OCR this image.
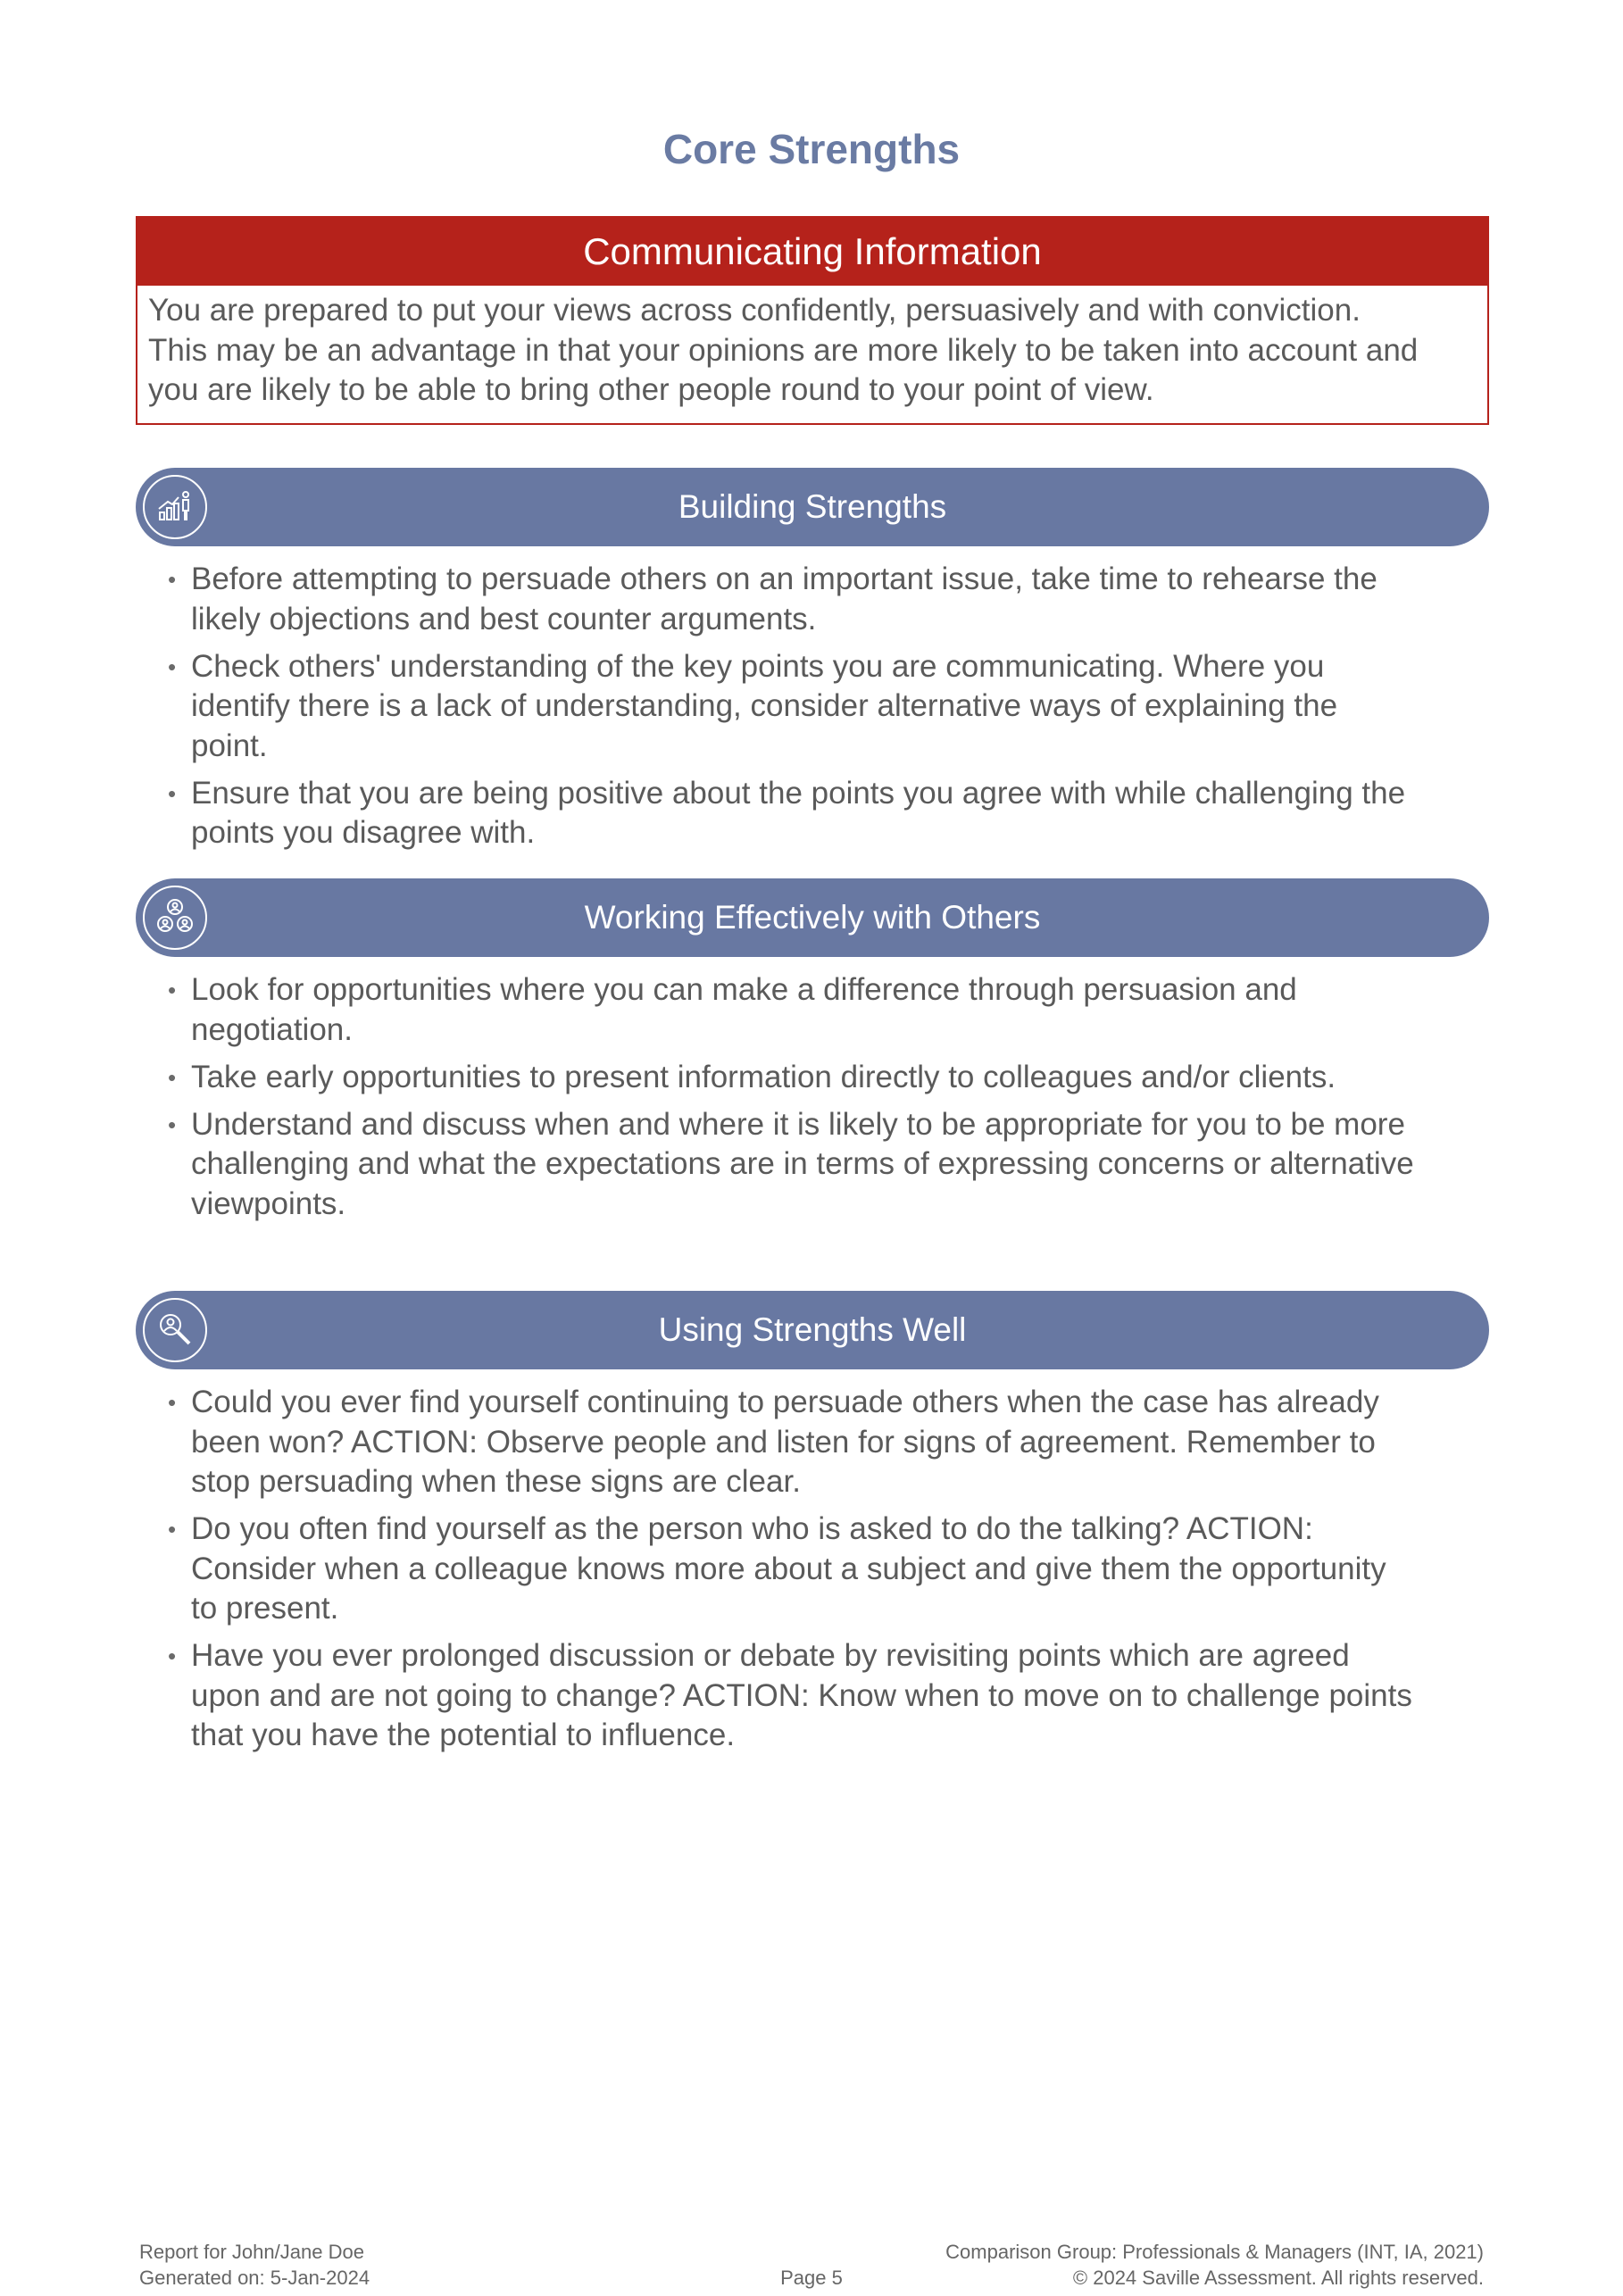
Core Strengths
Communicating Information
You are prepared to put your views across confidently, persuasively and with conviction.
This may be an advantage in that your opinions are more likely to be taken into account and
you are likely to be able to bring other people round to your point of view.
Building Strengths
• Before attempting to persuade others on an important issue, take time to rehearse the likely objections and best counter arguments.
• Check others' understanding of the key points you are communicating. Where you identify there is a lack of understanding, consider alternative ways of explaining the point.
• Ensure that you are being positive about the points you agree with while challenging the points you disagree with.
Working Effectively with Others
• Look for opportunities where you can make a difference through persuasion and negotiation.
• Take early opportunities to present information directly to colleagues and/or clients.
• Understand and discuss when and where it is likely to be appropriate for you to be more challenging and what the expectations are in terms of expressing concerns or alternative viewpoints.
Using Strengths Well
• Could you ever find yourself continuing to persuade others when the case has already been won? ACTION: Observe people and listen for signs of agreement. Remember to stop persuading when these signs are clear.
• Do you often find yourself as the person who is asked to do the talking? ACTION: Consider when a colleague knows more about a subject and give them the opportunity to present.
• Have you ever prolonged discussion or debate by revisiting points which are agreed upon and are not going to change? ACTION: Know when to move on to challenge points that you have the potential to influence.
Report for John/Jane Doe
Generated on: 5-Jan-2024	Page 5
Comparison Group: Professionals & Managers (INT, IA, 2021)
© 2024 Saville Assessment. All rights reserved.
